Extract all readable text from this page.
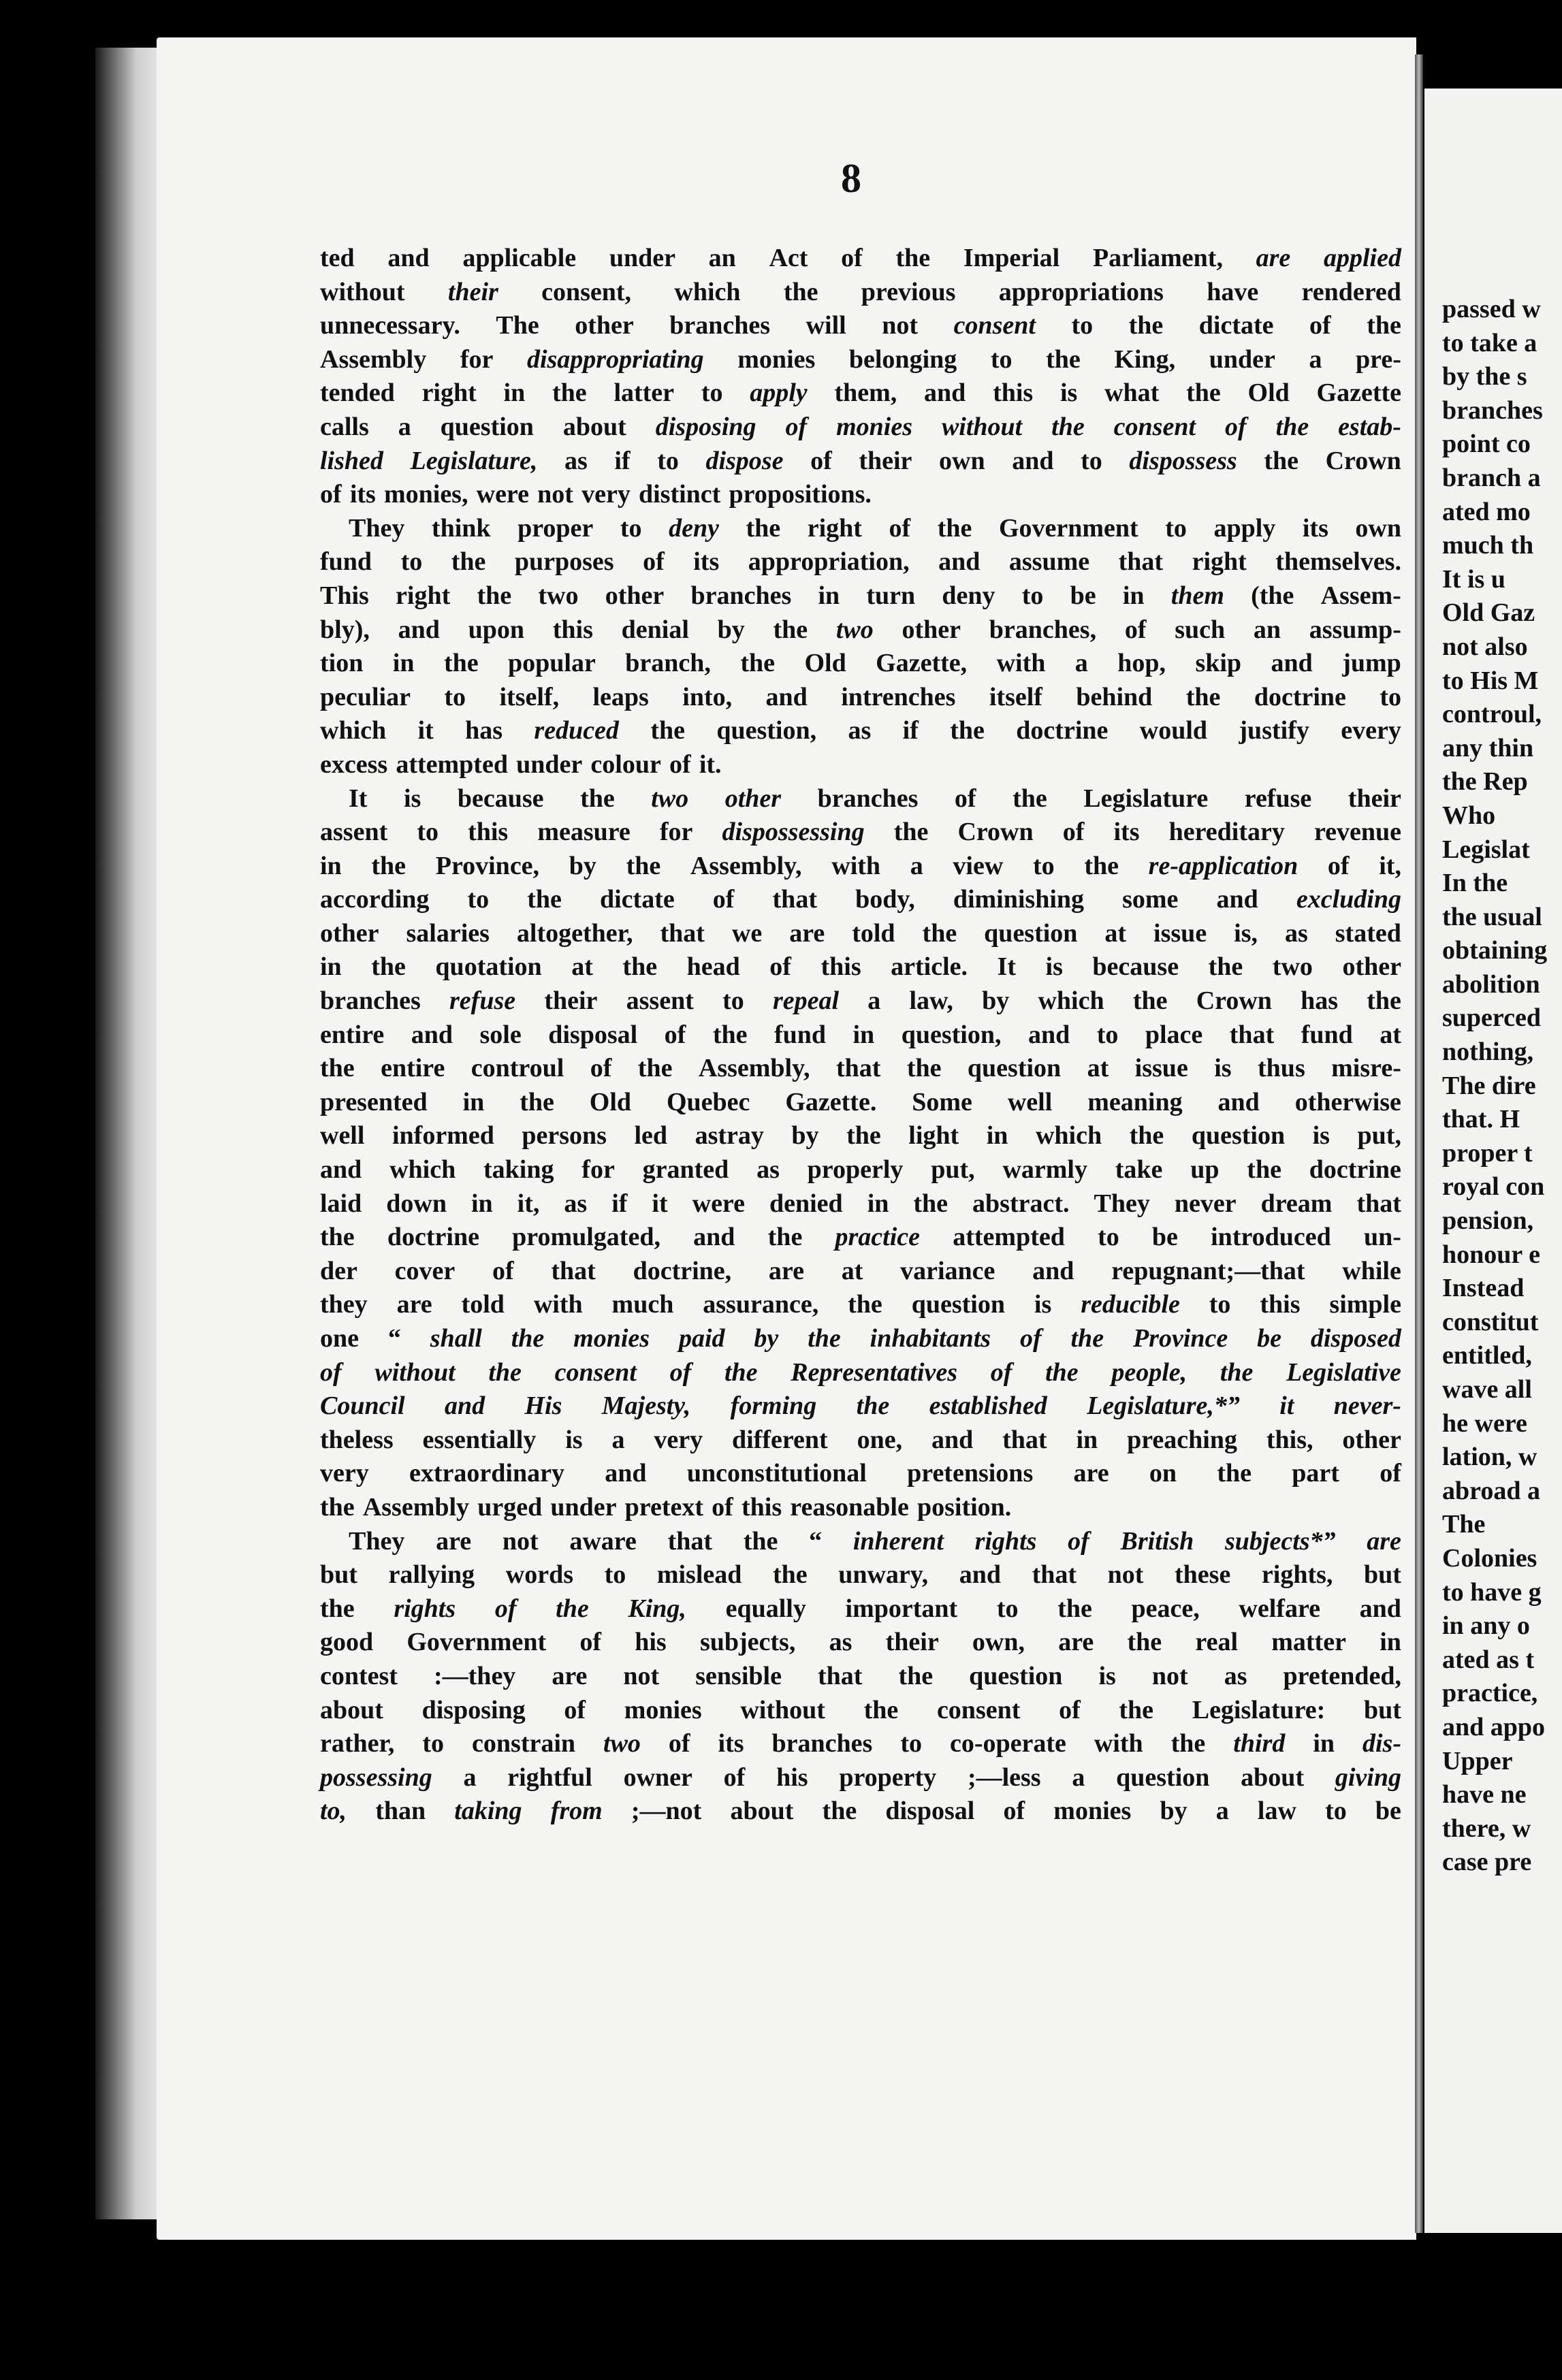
passed w
to take a
by the s
branches
point co
branch a
ated mo
much th
It is u
Old Gaz
not also
to His M
controul,
any thin
the Rep
Who
Legislat
In the
the usual
obtaining
abolition
superced
nothing,
The dire
that. H
proper t
royal con
pension,
honour e
Instead
constitut
entitled,
wave all
he were
lation, w
abroad a
The
Colonies
to have g
in any o
ated as t
practice,
and appo
Upper
have ne
there, w
case pre
8
ted and applicable under an Act of the Imperial Parliament, are applied
without their consent, which the previous appropriations have rendered
unnecessary. The other branches will not consent to the dictate of the
Assembly for disappropriating monies belonging to the King, under a pre-
tended right in the latter to apply them, and this is what the Old Gazette
calls a question about disposing of monies without the consent of the estab-
lished Legislature, as if to dispose of their own and to dispossess the Crown
of its monies, were not very distinct propositions.
They think proper to deny the right of the Government to apply its own
fund to the purposes of its appropriation, and assume that right themselves.
This right the two other branches in turn deny to be in them (the Assem-
bly), and upon this denial by the two other branches, of such an assump-
tion in the popular branch, the Old Gazette, with a hop, skip and jump
peculiar to itself, leaps into, and intrenches itself behind the doctrine to
which it has reduced the question, as if the doctrine would justify every
excess attempted under colour of it.
It is because the two other branches of the Legislature refuse their
assent to this measure for dispossessing the Crown of its hereditary revenue
in the Province, by the Assembly, with a view to the re-application of it,
according to the dictate of that body, diminishing some and excluding
other salaries altogether, that we are told the question at issue is, as stated
in the quotation at the head of this article. It is because the two other
branches refuse their assent to repeal a law, by which the Crown has the
entire and sole disposal of the fund in question, and to place that fund at
the entire controul of the Assembly, that the question at issue is thus misre-
presented in the Old Quebec Gazette. Some well meaning and otherwise
well informed persons led astray by the light in which the question is put,
and which taking for granted as properly put, warmly take up the doctrine
laid down in it, as if it were denied in the abstract. They never dream that
the doctrine promulgated, and the practice attempted to be introduced un-
der cover of that doctrine, are at variance and repugnant;—that while
they are told with much assurance, the question is reducible to this simple
one “ shall the monies paid by the inhabitants of the Province be disposed
of without the consent of the Representatives of the people, the Legislative
Council and His Majesty, forming the established Legislature,*” it never-
theless essentially is a very different one, and that in preaching this, other
very extraordinary and unconstitutional pretensions are on the part of
the Assembly urged under pretext of this reasonable position.
They are not aware that the “ inherent rights of British subjects*” are
but rallying words to mislead the unwary, and that not these rights, but
the rights of the King, equally important to the peace, welfare and
good Government of his subjects, as their own, are the real matter in
contest :—they are not sensible that the question is not as pretended,
about disposing of monies without the consent of the Legislature: but
rather, to constrain two of its branches to co-operate with the third in dis-
possessing a rightful owner of his property ;—less a question about giving
to, than taking from ;—not about the disposal of monies by a law to be
